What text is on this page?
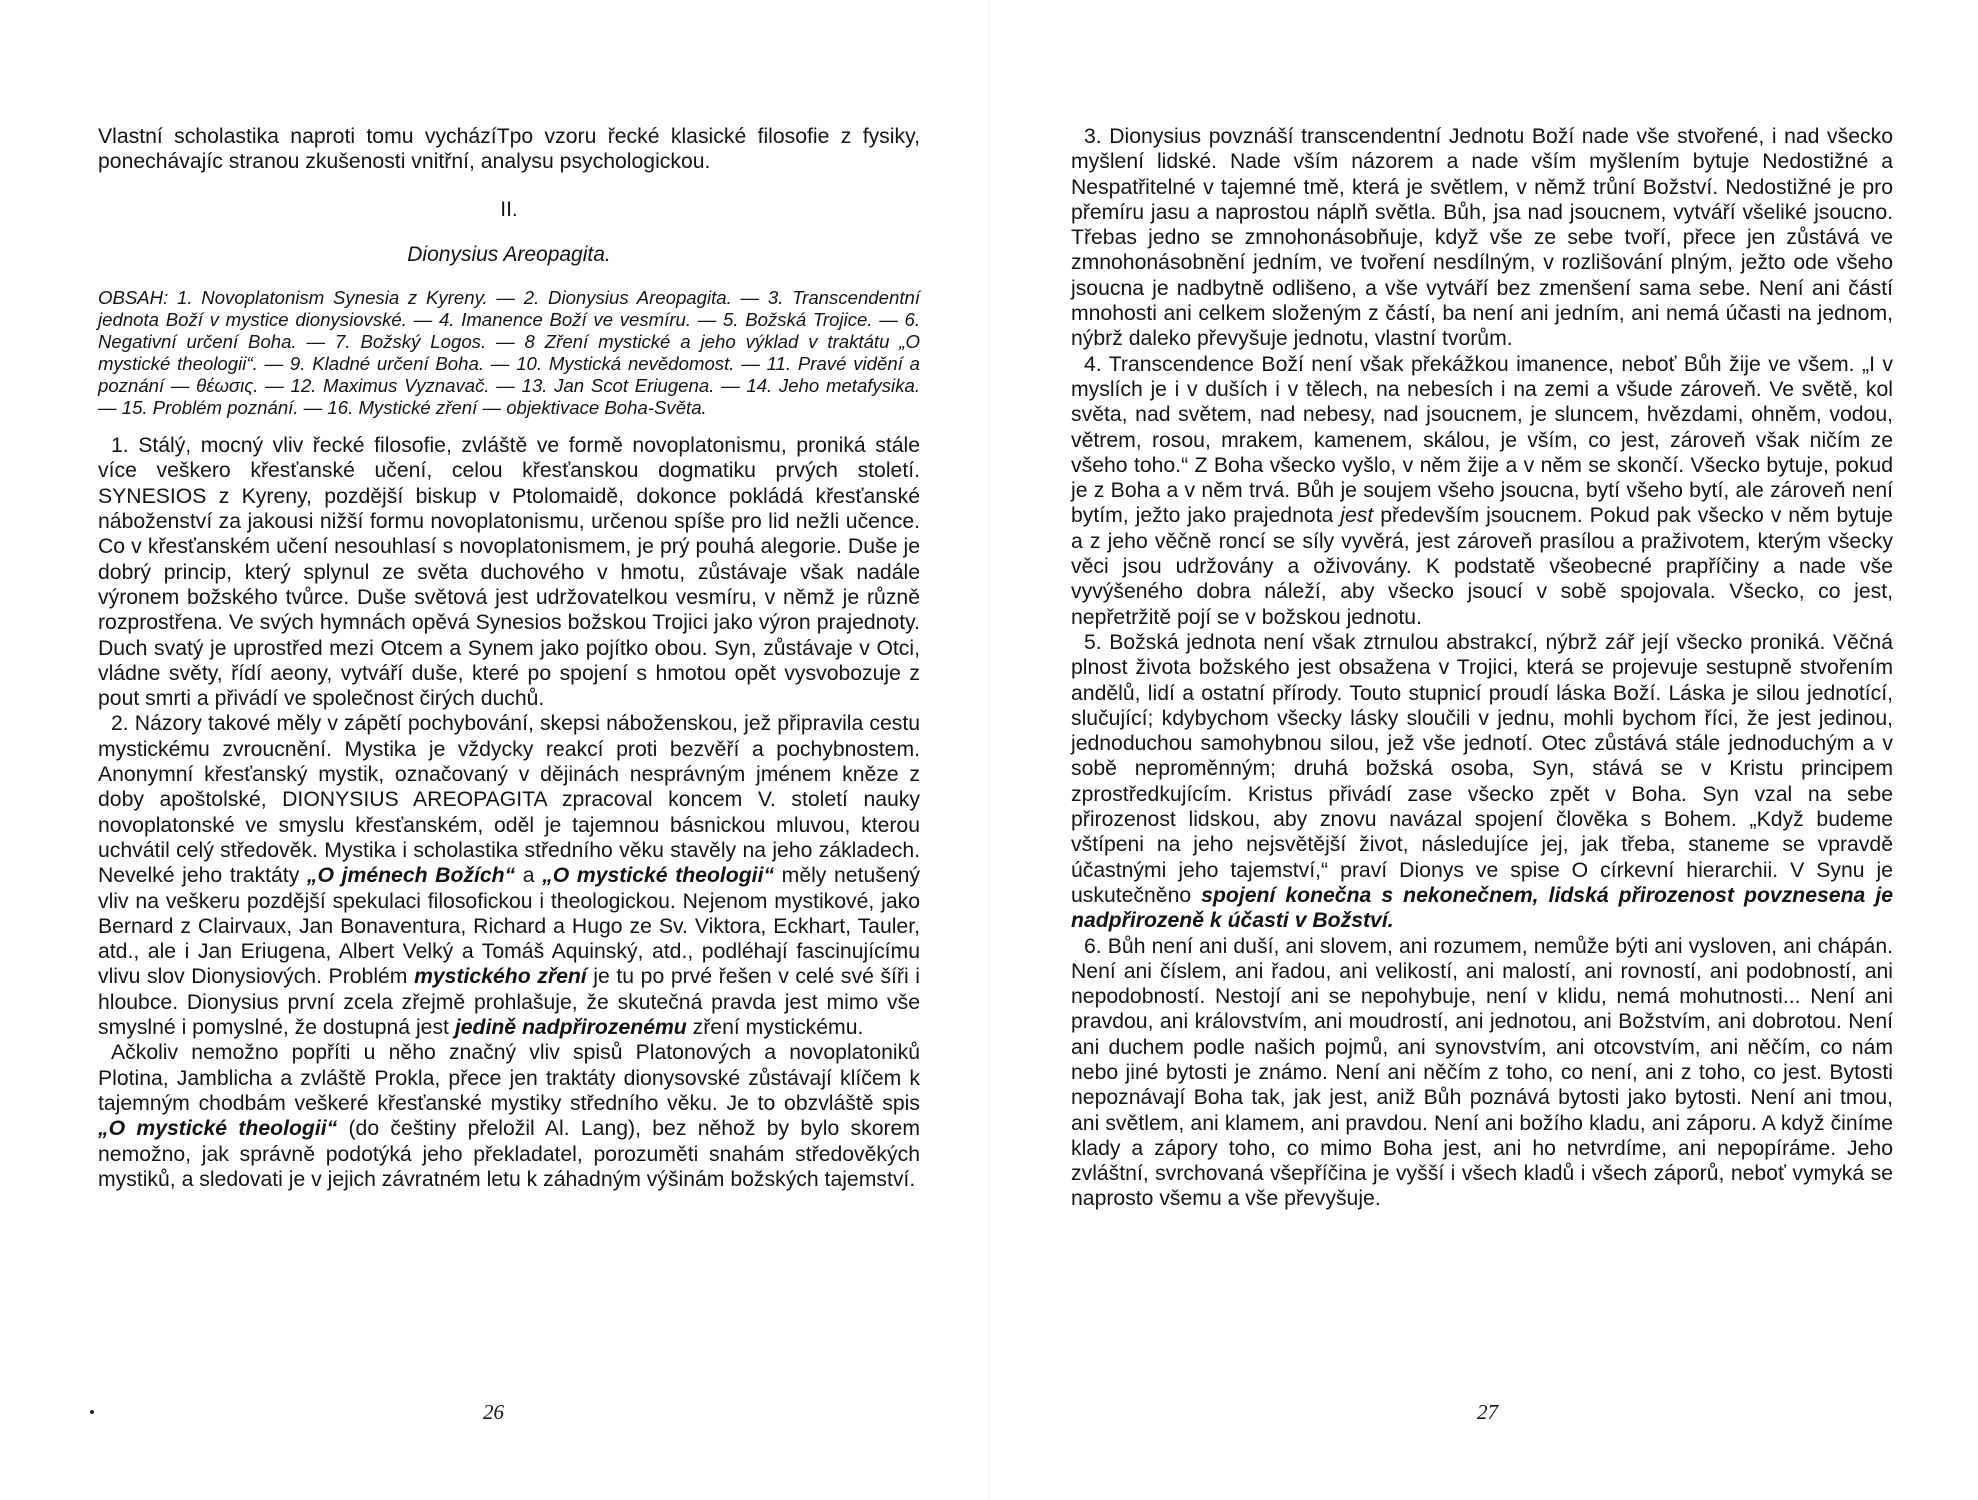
Vlastní scholastika naproti tomu vycházíTpo vzoru řecké klasické filosofie z fysiky, ponechávajíc stranou zkušenosti vnitřní, analysu psychologickou.

II.
Dionysius Areopagita.
OBSAH: 1. Novoplatonism Synesia z Kyreny. — 2. Dionysius Areopagita. — 3. Transcendentní jednota Boží v mystice dionysiovské. — 4. Imanence Boží ve vesmíru. — 5. Božská Trojice. — 6. Negativní určení Boha. — 7. Božský Logos. — 8 Zření mystické a jeho výklad v traktátu „O mystické theologii“. — 9. Kladné určení Boha. — 10. Mystická nevědomost. — 11. Pravé vidění a poznání — θέωσις. — 12. Maximus Vyznavač. — 13. Jan Scot Eriugena. — 14. Jeho metafysika. — 15. Problém poznání. — 16. Mystické zření — objektivace Boha-Světa.

1. Stálý, mocný vliv řecké filosofie, zvláště ve formě novoplatonismu, proniká stále více veškero křesťanské učení, celou křesťanskou dogmatiku prvých století. SYNESIOS z Kyreny, pozdější biskup v Ptolomaidě, dokonce pokládá křesťanské náboženství za jakousi nižší formu novoplatonismu, určenou spíše pro lid nežli učence. Co v křesťanském učení nesouhlasí s novoplatonismem, je prý pouhá alegorie. Duše je dobrý princip, který splynul ze světa duchového v hmotu, zůstávaje však nadále výronem božského tvůrce. Duše světová jest udržovatelkou vesmíru, v němž je různě rozprostřena. Ve svých hymnách opěvá Synesios božskou Trojici jako výron prajednoty. Duch svatý je uprostřed mezi Otcem a Synem jako pojítko obou. Syn, zůstávaje v Otci, vládne světy, řídí aeony, vytváří duše, které po spojení s hmotou opět vysvobozuje z pout smrti a přivádí ve společnost čirých duchů.

2. Názory takové měly v zápětí pochybování, skepsi náboženskou, jež připravila cestu mystickému zvroucnění. Mystika je vždycky reakcí proti bezvěří a pochybnostem. Anonymní křesťanský mystik, označovaný v dějinách nesprávným jménem kněze z doby apoštolské, DIONYSIUS AREOPAGITA zpracoval koncem V. století nauky novoplatonské ve smyslu křesťanském, oděl je tajemnou básnickou mluvou, kterou uchvátil celý středověk. Mystika i scholastika středního věku stavěly na jeho základech. Nevelké jeho traktáty „O jménech Božích“ a „O mystické theologii“ měly netušený vliv na veškeru pozdější spekulaci filosofickou i theologickou. Nejenom mystikové, jako Bernard z Clairvaux, Jan Bonaventura, Richard a Hugo ze Sv. Viktora, Eckhart, Tauler, atd., ale i Jan Eriugena, Albert Velký a Tomáš Aquinský, atd., podléhají fascinujícímu vlivu slov Dionysiových. Problém mystického zření je tu po prvé řešen v celé své šíři i hloubce. Dionysius první zcela zřejmě prohlašuje, že skutečná pravda jest mimo vše smyslné i pomyslné, že dostupná jest jedině nadpřirozenému zření mystickému.

Ačkoliv nemožno popříti u něho značný vliv spisů Platonových a novoplatoniků Plotina, Jamblicha a zvláště Prokla, přece jen traktáty dionysovské zůstávají klíčem k tajemným chodbám veškeré křesťanské mystiky středního věku. Je to obzvláště spis „O mystické theologii“ (do češtiny přeložil Al. Lang), bez něhož by bylo skorem nemožno, jak správně podotýká jeho překladatel, porozuměti snahám středověkých mystiků, a sledovati je v jejich závratném letu k záhadným výšinám božských tajemství.

26

3. Dionysius povznáší transcendentní Jednotu Boží nade vše stvořené, i nad všecko myšlení lidské. Nade vším názorem a nade vším myšlením bytuje Nedostižné a Nespatřitelné v tajemné tmě, která je světlem, v němž trůní Božství. Nedostižné je pro přemíru jasu a naprostou náplň světla. Bůh, jsa nad jsoucnem, vytváří všeliké jsoucno. Třebas jedno se zmnohonásobňuje, když vše ze sebe tvoří, přece jen zůstává ve zmnohonásobnění jedním, ve tvoření nesdílným, v rozlišování plným, ježto ode všeho jsoucna je nadbytně odlišeno, a vše vytváří bez zmenšení sama sebe. Není ani částí mnohosti ani celkem složeným z částí, ba není ani jedním, ani nemá účasti na jednom, nýbrž daleko převyšuje jednotu, vlastní tvorům.

4. Transcendence Boží není však překážkou imanence, neboť Bůh žije ve všem. „I v myslích je i v duších i v tělech, na nebesích i na zemi a všude zároveň. Ve světě, kol světa, nad světem, nad nebesy, nad jsoucnem, je sluncem, hvězdami, ohněm, vodou, větrem, rosou, mrakem, kamenem, skálou, je vším, co jest, zároveň však ničím ze všeho toho.“ Z Boha všecko vyšlo, v něm žije a v něm se skončí. Všecko bytuje, pokud je z Boha a v něm trvá. Bůh je soujem všeho jsoucna, bytí všeho bytí, ale zároveň není bytím, ježto jako prajednota jest především jsoucnem. Pokud pak všecko v něm bytuje a z jeho věčně roncí se síly vyvěrá, jest zároveň prasílou a praživotem, kterým všecky věci jsou udržovány a oživovány. K podstatě všeobecné prapříčiny a nade vše vyvýšeného dobra náleží, aby všecko jsoucí v sobě spojovala. Všecko, co jest, nepřetržitě pojí se v božskou jednotu.

5. Božská jednota není však ztrnulou abstrakcí, nýbrž zář její všecko proniká. Věčná plnost života božského jest obsažena v Trojici, která se projevuje sestupně stvořením andělů, lidí a ostatní přírody. Touto stupnicí proudí láska Boží. Láska je silou jednotící, slučující; kdybychom všecky lásky sloučili v jednu, mohli bychom říci, že jest jedinou, jednoduchou samohybnou silou, jež vše jednotí. Otec zůstává stále jednoduchým a v sobě neproměnným; druhá božská osoba, Syn, stává se v Kristu principem zprostředkujícím. Kristus přivádí zase všecko zpět v Boha. Syn vzal na sebe přirozenost lidskou, aby znovu navázal spojení člověka s Bohem. „Když budeme vštípeni na jeho nejsvětější život, následujíce jej, jak třeba, staneme se vpravdě účastnými jeho tajemství,“ praví Dionys ve spise O církevní hierarchii. V Synu je uskutečněno spojení konečna s nekonečnem, lidská přirozenost povznesena je nadpřirozeně k účasti v Božství.

6. Bůh není ani duší, ani slovem, ani rozumem, nemůže býti ani vysloven, ani chápán. Není ani číslem, ani řadou, ani velikostí, ani malostí, ani rovností, ani podobností, ani nepodobností. Nestojí ani se nepohybuje, není v klidu, nemá mohutnosti... Není ani pravdou, ani královstvím, ani moudrostí, ani jednotou, ani Božstvím, ani dobrotou. Není ani duchem podle našich pojmů, ani synovstvím, ani otcovstvím, ani něčím, co nám nebo jiné bytosti je známo. Není ani něčím z toho, co není, ani z toho, co jest. Bytosti nepoznávají Boha tak, jak jest, aniž Bůh poznává bytosti jako bytosti. Není ani tmou, ani světlem, ani klamem, ani pravdou. Není ani božího kladu, ani záporu. A když činíme klady a zápory toho, co mimo Boha jest, ani ho netvrdíme, ani nepopíráme. Jeho zvláštní, svrchovaná všepříčina je vyšší i všech kladů i všech záporů, neboť vymyká se naprosto všemu a vše převyšuje.

27
